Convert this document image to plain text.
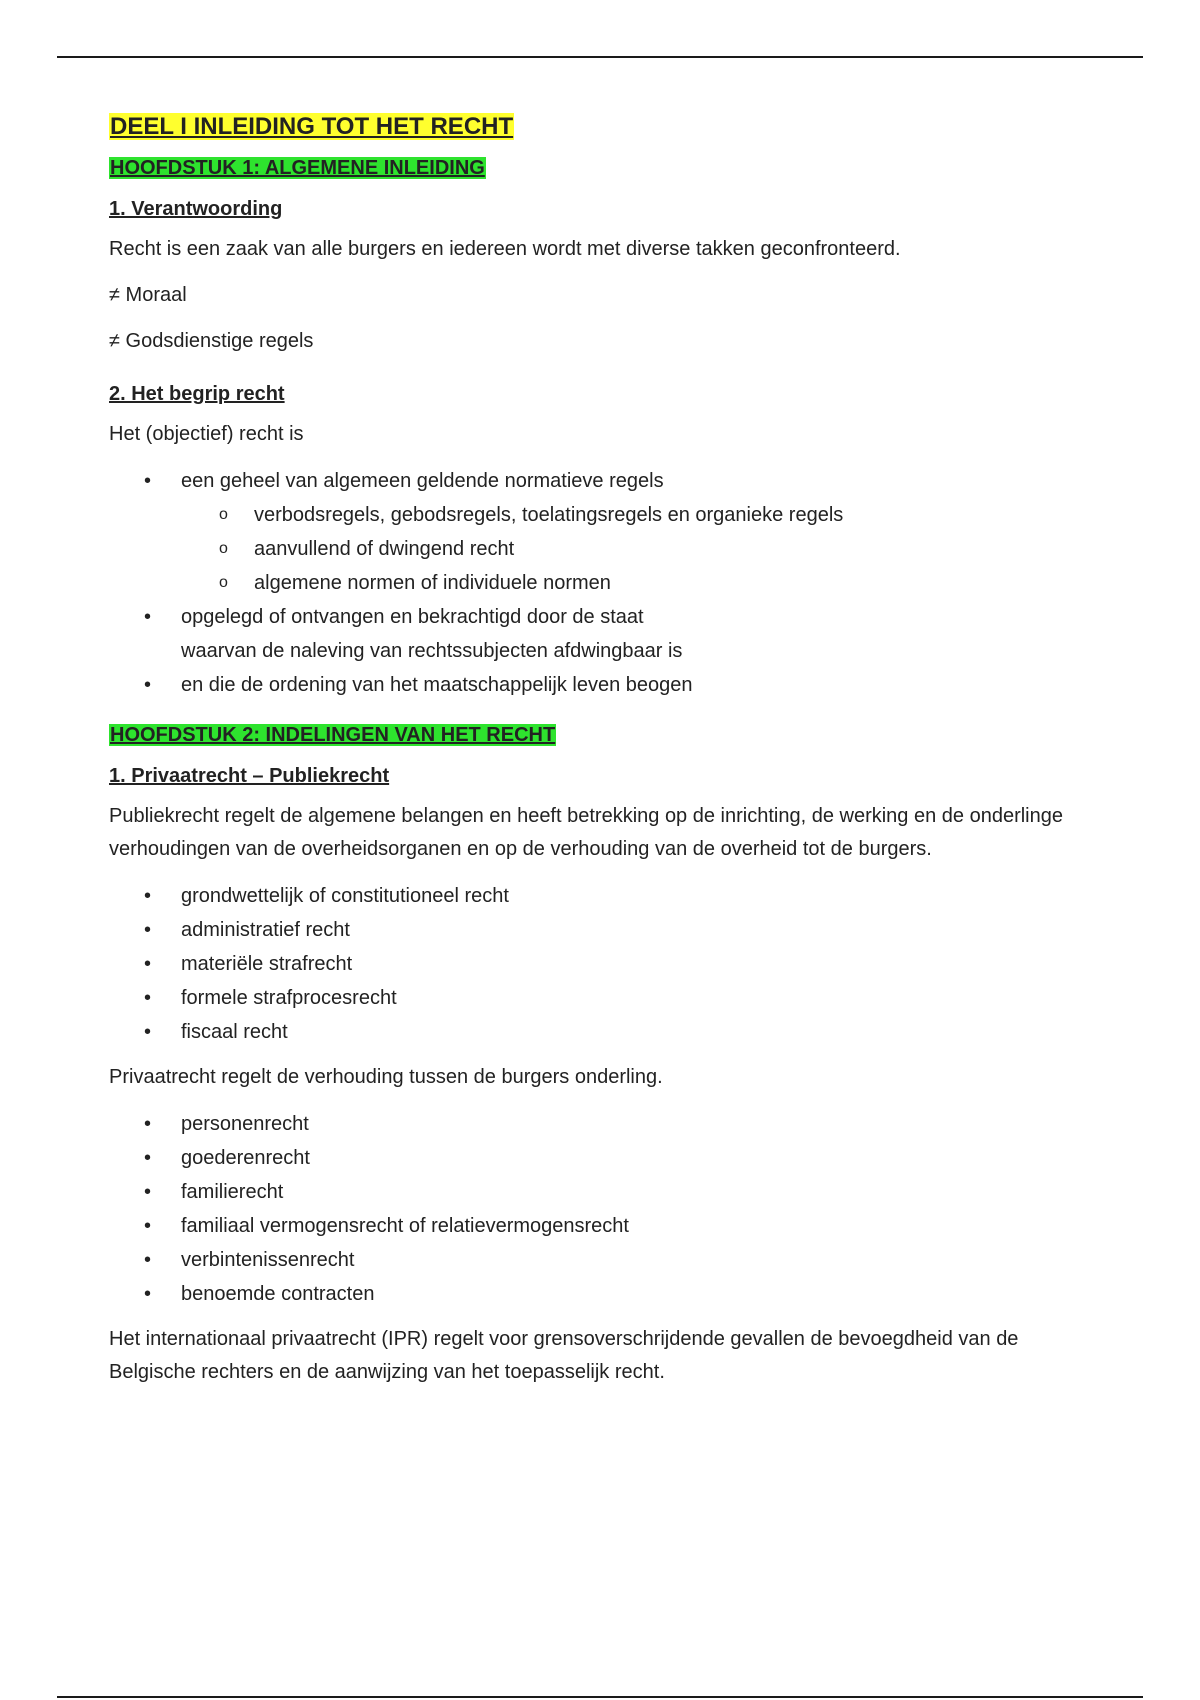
DEEL I INLEIDING TOT HET RECHT
HOOFDSTUK 1: ALGEMENE INLEIDING
1. Verantwoording

Recht is een zaak van alle burgers en iedereen wordt met diverse takken geconfronteerd.

≠ Moraal

≠ Godsdienstige regels

2. Het begrip recht

Het (objectief) recht is

• een geheel van algemeen geldende normatieve regels
o verbodsregels, gebodsregels, toelatingsregels en organieke regels
o aanvullend of dwingend recht
o algemene normen of individuele normen
• opgelegd of ontvangen en bekrachtigd door de staat
waarvan de naleving van rechtssubjecten afdwingbaar is
• en die de ordening van het maatschappelijk leven beogen
HOOFDSTUK 2: INDELINGEN VAN HET RECHT
1. Privaatrecht – Publiekrecht

Publiekrecht regelt de algemene belangen en heeft betrekking op de inrichting, de werking en de onderlinge verhoudingen van de overheidsorganen en op de verhouding van de overheid tot de burgers.

• grondwettelijk of constitutioneel recht
• administratief recht
• materiële strafrecht
• formele strafprocesrecht
• fiscaal recht

Privaatrecht regelt de verhouding tussen de burgers onderling.

• personenrecht
• goederenrecht
• familierecht
• familiaal vermogensrecht of relatievermogensrecht
• verbintenissenrecht
• benoemde contracten

Het internationaal privaatrecht (IPR) regelt voor grensoverschrijdende gevallen de bevoegdheid van de Belgische rechters en de aanwijzing van het toepasselijk recht.
